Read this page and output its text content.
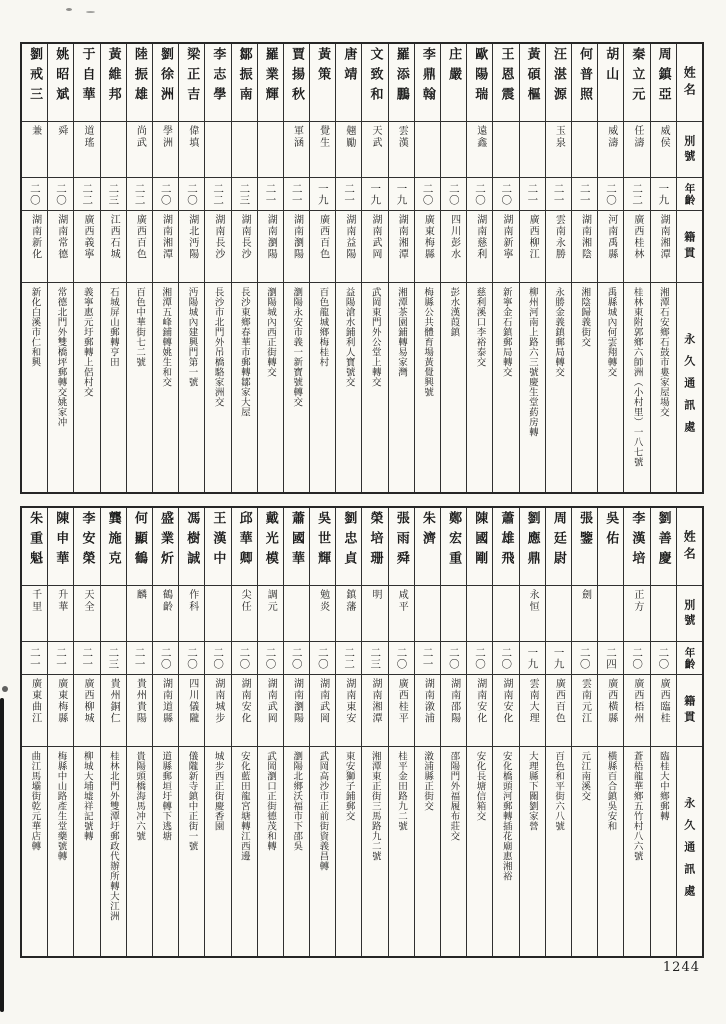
劉戒三
兼
二〇
湖南新化
新化白溪市仁和興
姚昭斌
舜
二〇
湖南常德
常德北門外雙橋坪郵轉交姚家冲
于自華
道瑤
二二
廣西義寧
義寧惠元圩郵轉上侶村交
黃維邦
二三
江西石城
石城屏山郵轉亨田
陸振雄
尚武
二二
廣西百色
百色中華街七二號
劉徐洲
學洲
二〇
湖南湘潭
湘潭五峰鋪轉姚生和交
梁正吉
偉填
二〇
湖北沔陽
沔陽城內建興門第一號
李志學
二二
湖南長沙
長沙市北門外吊橋駱家洲交
鄒振南
二三
湖南長沙
長沙東鄉春華市郵轉鄒家大屋
羅業輝
二一
湖南瀏陽
瀏陽城內西正街轉交
賈揚秋
軍涵
二一
湖南瀏陽
瀏陽永安市義一新寶號轉交
黃策
覺生
一九
廣西百色
百色龍城鄉梅桂村
唐靖
翹勵
二一
湖南益陽
益陽滄水鋪利人寶號交
文致和
天武
一九
湖南武岡
武岡東門外公堂上轉交
羅添鵬
雲漢
一九
湖南湘潭
湘潭茶園鋪轉易家灣
李鼎翰
二〇
廣東梅縣
梅縣公共體育場黃覺興號
庄嚴
二〇
四川彭水
彭水漢葭鎮
歐陽瑞
遠鑫
二〇
湖南慈利
慈利溪口李裕泰交
王恩震
二〇
湖南新寧
新寧金石鎮郵局轉交
黃碩樞
二一
廣西柳江
柳州河南上路六三號慶生堂葯房轉
汪湛源
玉泉
二一
雲南永勝
永勝金義鎮郵局轉交
何普照
二一
湖南湘陰
湘陰歸義街交
胡山
威濤
二〇
河南禹縣
禹縣城內何雲翔轉交
秦立元
任濤
二二
廣西桂林
桂林東附郭鄉六師洲（小村里）一八七號
周鎮亞
威侯
一九
湖南湘潭
湘潭石安鄉石鼓市婁家屋場交
姓名
別號
年齡
籍貫
永久通訊處
朱重魁
千里
二一
廣東曲江
曲江馬壩街乾元華店轉
陳申華
升華
二一
廣東梅縣
梅縣中山路產生堂藥號轉
李安榮
天全
二一
廣西柳城
柳城大埔墟祥記號轉
龔施克
二三
貴州銅仁
桂林北門外雙潭圩郵政代辦所轉大江洲
何顯鶴
麟
二一
貴州貴陽
貴陽頭橋海馬冲六號
盛業炘
鶴齡
二〇
湖南道縣
道縣郵垣圩轉下逃塘
馮樹誠
作科
二〇
四川儀隴
儀隴新寺鎮中正街一號
王漢中
二〇
湖南城步
城步西正街慶香園
邱華卿
尖任
二〇
湖南安化
安化藍田龍宮塘轉江西邊
戴光模
調元
二〇
湖南武岡
武岡瀏口正街德茂和轉
蕭國華
二〇
湖南瀏陽
瀏陽北鄉沃福市下邵吳
吳世輝
勉炎
二〇
湖南武岡
武岡高沙市正前街資義昌轉
劉忠貞
鎮藩
二二
湖南東安
東安獅子鋪郵交
榮培珊
明
二三
湖南湘潭
湘潭東正街三馬路九二號
張雨舜
咸平
二〇
廣西桂平
桂平金田路九二號
朱濟
二一
湖南漵浦
漵浦縣正街交
鄭宏重
二〇
湖南邵陽
邵陽門外福履布莊交
陳國剛
二〇
湖南安化
安化長塘信箱交
蕭雄飛
二〇
湖南安化
安化橋頭河郵轉插花廟惠湘裕
劉應鼎
永恒
一九
雲南大理
大理縣下關劉家營
周廷尉
一九
廣西百色
百色和平街六八號
張鑒
劍
二〇
雲南元江
元江南溪交
吳佑
二四
廣西橫縣
橫縣百合鎮吳安和
李漢培
正方
二〇
廣西梧州
蒼梧龍華鄉五竹村八六號
劉善慶
二〇
廣西臨桂
臨桂大中鄉郵轉
姓名
別號
年齡
籍貫
永久通訊處
1244
